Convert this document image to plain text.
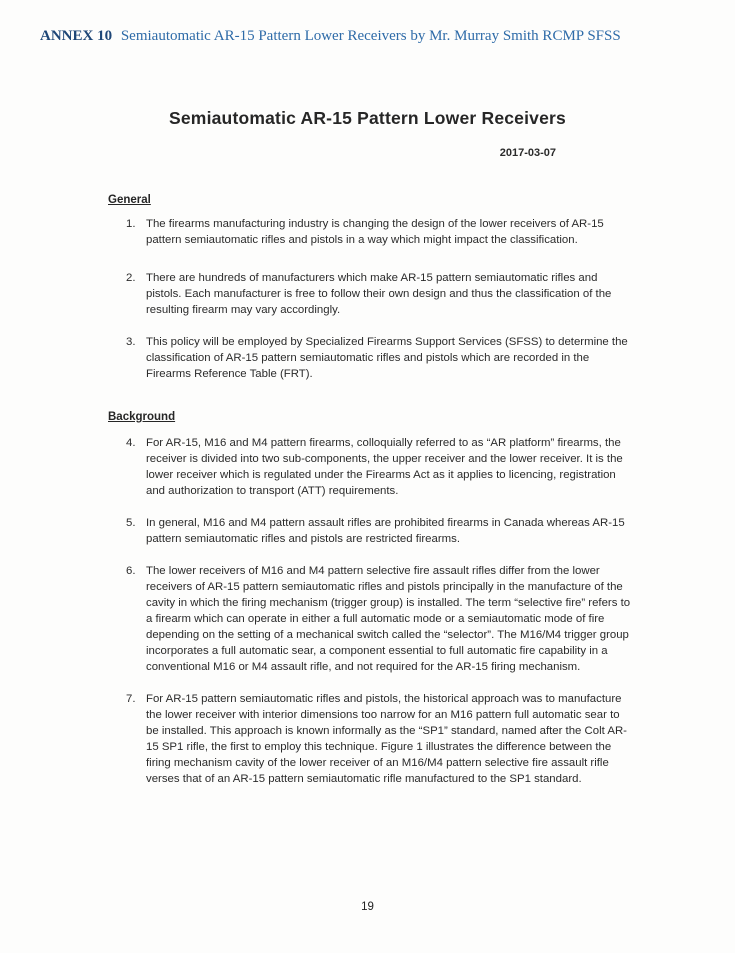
ANNEX 10 Semiautomatic AR-15 Pattern Lower Receivers by Mr. Murray Smith RCMP SFSS
Semiautomatic AR-15 Pattern Lower Receivers
2017-03-07
General
1. The firearms manufacturing industry is changing the design of the lower receivers of AR-15 pattern semiautomatic rifles and pistols in a way which might impact the classification.
2. There are hundreds of manufacturers which make AR-15 pattern semiautomatic rifles and pistols. Each manufacturer is free to follow their own design and thus the classification of the resulting firearm may vary accordingly.
3. This policy will be employed by Specialized Firearms Support Services (SFSS) to determine the classification of AR-15 pattern semiautomatic rifles and pistols which are recorded in the Firearms Reference Table (FRT).
Background
4. For AR-15, M16 and M4 pattern firearms, colloquially referred to as “AR platform” firearms, the receiver is divided into two sub-components, the upper receiver and the lower receiver. It is the lower receiver which is regulated under the Firearms Act as it applies to licencing, registration and authorization to transport (ATT) requirements.
5. In general, M16 and M4 pattern assault rifles are prohibited firearms in Canada whereas AR-15 pattern semiautomatic rifles and pistols are restricted firearms.
6. The lower receivers of M16 and M4 pattern selective fire assault rifles differ from the lower receivers of AR-15 pattern semiautomatic rifles and pistols principally in the manufacture of the cavity in which the firing mechanism (trigger group) is installed. The term “selective fire” refers to a firearm which can operate in either a full automatic mode or a semiautomatic mode of fire depending on the setting of a mechanical switch called the “selector”. The M16/M4 trigger group incorporates a full automatic sear, a component essential to full automatic fire capability in a conventional M16 or M4 assault rifle, and not required for the AR-15 firing mechanism.
7. For AR-15 pattern semiautomatic rifles and pistols, the historical approach was to manufacture the lower receiver with interior dimensions too narrow for an M16 pattern full automatic sear to be installed. This approach is known informally as the “SP1” standard, named after the Colt AR-15 SP1 rifle, the first to employ this technique. Figure 1 illustrates the difference between the firing mechanism cavity of the lower receiver of an M16/M4 pattern selective fire assault rifle verses that of an AR-15 pattern semiautomatic rifle manufactured to the SP1 standard.
19
